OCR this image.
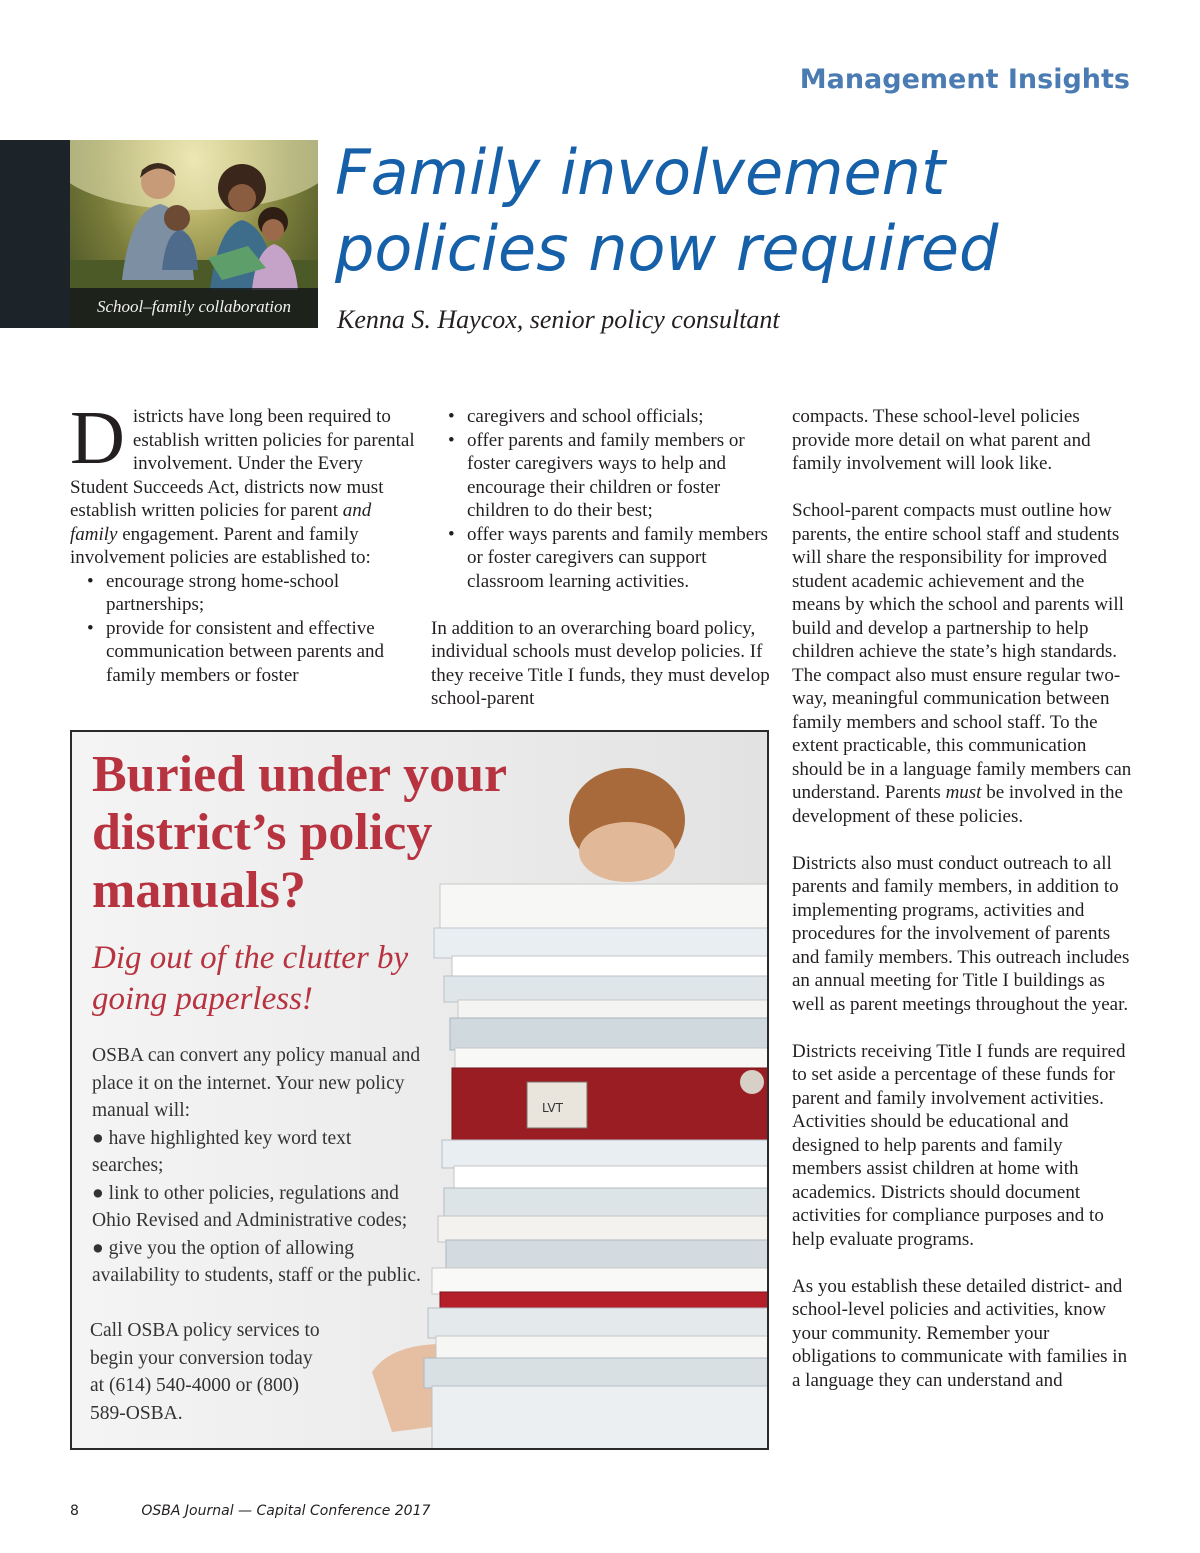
Management Insights
School–family collaboration
Family involvement
policies now required
Kenna S. Haycox, senior policy consultant

Districts have long been required to establish written policies for parental involvement. Under the Every Student Succeeds Act, districts now must establish written policies for parent and family engagement. Parent and family involvement policies are established to:

• encourage strong home-school partnerships;
• provide for consistent and effective communication between parents and family members or foster
• caregivers and school officials;
• offer parents and family members or foster caregivers ways to help and encourage their children or foster children to do their best;
• offer ways parents and family members or foster caregivers can support classroom learning activities.

In addition to an overarching board policy, individual schools must develop policies. If they receive Title I funds, they must develop school-parent

compacts. These school-level policies provide more detail on what parent and family involvement will look like.

School-parent compacts must outline how parents, the entire school staff and students will share the responsibility for improved student academic achievement and the means by which the school and parents will build and develop a partnership to help children achieve the state’s high standards. The compact also must ensure regular two-way, meaningful communication between family members and school staff. To the extent practicable, this communication should be in a language family members can understand. Parents must be involved in the development of these policies.

Districts also must conduct outreach to all parents and family members, in addition to implementing programs, activities and procedures for the involvement of parents and family members. This outreach includes an annual meeting for Title I buildings as well as parent meetings throughout the year.

Districts receiving Title I funds are required to set aside a percentage of these funds for parent and family involvement activities. Activities should be educational and designed to help parents and family members assist children at home with academics. Districts should document activities for compliance purposes and to help evaluate programs.

As you establish these detailed district- and school-level policies and activities, know your community. Remember your obligations to communicate with families in a language they can understand and

LVT
Buried under your district’s policy manuals?
Dig out of the clutter by going paperless!
OSBA can convert any policy manual and place it on the internet. Your new policy manual will:
● have highlighted key word text searches;
● link to other policies, regulations and Ohio Revised and Administrative codes;
● give you the option of allowing availability to students, staff or the public.
Call OSBA policy services to begin your conversion today at (614) 540-4000 or (800) 589-OSBA.
8	OSBA Journal — Capital Conference 2017
